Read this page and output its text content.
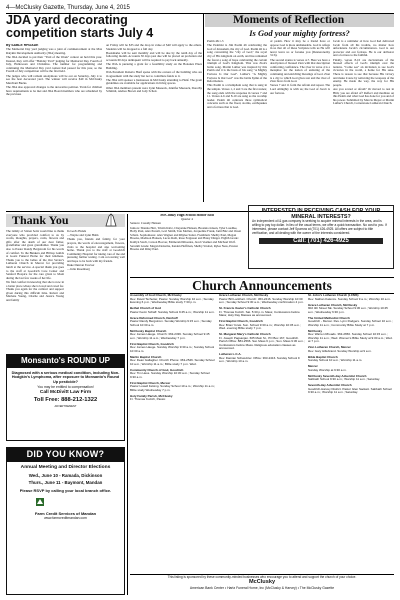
4—McClusky Gazette, Thursday, June 4, 2015
JDA yard decorating competition starts July 4

By SABLE RHOADE

The Memorial Day yard judging was a joint of commencement at the Max Ratykin Development Authority (JDA) meeting.

The JDA decided to put their "Yard of the Week" contest on hold this year. Instead, they will offer "Holiday Yard" judging for Memorial Day, Fourth of July, Halloween and Christmas. The number for programming and continuing the Memorial Day yard contest had passed for this year, so the Fourth of July competition will be the first held.

The judges who will remain anonymous will be out on Saturday, July 4 to see the best decorated yard. The winner will receive $40 in McClusky Merchant Bucks.

The JDA also approved changes to the decorative petition. Yards for children have requirements to be met and JDA Board members who are scheduled by the previous

on Friday will be $35 and the drop in value of $40 will apply to the others. Students will be dropped to a full day.

Bookmarks will be sent monthly and will be due by the tenth day of the following month. Accounts 30 days past due will be placed on probation and accounts 60 days delinquent will be required to pay back annually.

The JDA is pursuing a grant for a feasibility study on the Bonanza Plaza Building.

JDA President Roberta Hanf spoke with the owners of the building who are in agreement with the study but not to contribute funds to it.

The JDA will sponsor a businesses in McClusky attending to Hanf. The grant guidelines are available for applications in living spaces.

Other JDA members present were Lynn Meeseck, Jennifer Meeseck, Dorothy Schmidt, Andrea Brown and Jody Schott.

Moments of Reflection
Is God your mighty fortress?

Psalm 46:1-3

The Psalmist is Jim Psalm 46 celebrating the God of Jerusalem, the city of God. Psalm 46 is a song concerning the "city of God," the royal city of His kingdom on earth, and has remained the forest a song of hope celebrating the certain triumph of God's Kingdom. That was Zion's battle song. Martin Luther was inspired by this Psalm and it is the basis of his song "A Mighty Fortress Is Our God". Luther's "A Mighty Fortress Is Our God" was the battle hymn of the Reformation.

This Psalm is a triumphant song that is sung in the temple. Verses 1, 2 and 3 are the first stanza; the song ends with the response in verses 7 and 11. Verses 4-6 and 8-10 are sung as the worship leader. Psalm 46 contrasts three symbolical concerns such as the flood, storms, earthquakes and a fortress that is God.

of psalm. How it may be a friend have or oppose God is more unshakeable. God is refuge in us that all of these Scripture tells us He will never leave us or forsake you (Deuteronomy 31:6).

The second stanza is verses 4-7. Here we have a description of blessed Zion with that description comforting confidence. The river in verse 4 is a metaphor for the nation of enduring of the continuing and enriching blessings of God. Zion is a city to which God gives rest and the river of Zion flows from God.

Verses 7 and 11 form the refrain and repeat. The Lord Almighty is with us; the God of Jacob is our fortress.

Jacob is a reminder of how God had delivered Jacob from all his trouble, no matter how unfortunate Jacob's circumstances. God is our protector and our fortress. He is our deliverer and a fortress to the faithful.

Finally, verses 8-10 are declarations of the blessed effects of God's triumph over the nations. "Come see" an invitation to see God's victories in the world, a home for His sake. There is reason to see that because His victory and make it sure by removing the weapons of the enemy. He made the way, the way for His people.

Are you scared or afraid? Or moved to rest in Him; you are afraid of? Reflect and meditate on this Psalm and what God has done for you and of his power. Submitted by Marcia Meyer at Martin Luther's Church, Cornerstone Lutheran Church.

Thank You

The family of Sixten Seitz would like to thank everyone who provided comfort to us by words, thoughts, prayers, cards, flowers and gifts after the death of our dear father, grandfather and great grandfather. Thank you also to Pastor Randy Bergstrom for his words of comfort. To the Bunkers and Hilltop Guilds at Goetz Funeral Home for their kindness. Thank you to the ladies of the Our Savior's Lutheran Church in Mercer for providing lunch at the service. A special thank you goes to the staff at Goodrich Care Center and Sanford Hospice for the care given to Mom during the last few weeks of her life.

We find comfort in knowing that she is now in a better place where she is loved and cared for. Thank you again for the comfort and support given during this difficult time. Robert and Marlene Young, Charlie and Jessica Young and family

In God's Hands

—Wayne and Lynn Hahn

Thank you, friends and family, for your prayers, the words of encouragement, flowers, visits to the hospital and also welcoming home. Thank you to the staff at Goodrich Community Hospital for taking care of me and pursuing further testing. I am recovering well and hope to be back with my friends.

Duke Duncan Forever

—Julie Rosenberg

McClusky High School Honor Roll

Quarter 4

Seniors: Cassidy Hansen

Juniors: Shanna Hart, Tristin Kirtz, Cheyenne Hansen, Breanna Jensen, Tyler Luedtke, Holly Paul, Alex Preszli, Levi Smith, Tate Mollen, Jacqueline Frank, Jami Bitz and Owen Schatz. Sophomores: Alex Wagner and Rhylee Sutter. Freshmen: Shelby Paul, Megan Brooks, Madison Hansen, Lucas Roth, Rose Ferguson and Haley Dinger. Eighth Grade: Kaitlyn Stach, Carson Hoover, Emmerald Rhoades, Jacob Voelker and Michael Wolf. Seventh Grade: Megan Delorme, Kaiden Hoffman, Shelby Strobel, Rylee Ness, Paxton Brooks and Riley Paul.

INTERESTED IN RECEIVING CASH FOR YOUR MINERAL INTERESTS?
An independent oil & gas company is seeking to acquire mineral interests in the area, and is willing to pay top dollar. In lieu of the usual terms, we offer a quick transaction. No cost to you. If interested, please contact Jeff Sparrow at (701) 426-4925. All offers are subject to title verification, and all dealing with the owner of the interests considered.
Call: (701) 426-4925
Church Announcements
Assembly of God Church, McClusky
Rev. David Tschetter, Pastor. Sunday Worship 10 a.m.; Sunday Evening 6 p.m.; Wednesday Bible study 7:30 p.m.
Bethel Church of God
Pastor Kevin Schaff. Sunday School 9:45 a.m.; Worship 11 a.m.
Grace Reformed Church, Denhoff
Pastor Randy Bergstrom. Sunday Worship 9:15 a.m.; Sunday School 10:30 a.m.
McClusky Baptist Church
Rev. James Hauge. Church: 363-2336. Sunday School 9:45 a.m.; Worship 11 a.m.; Wednesday 7 p.m.
First Baptist Church, Goodrich
Rev. James Hauge. Sunday Worship 9:30 a.m.; Sunday School 10:30 a.m.
Martin Baptist Church
Rev. Dean Gallagher. Church Phone: 363-2546. Sunday School 10 a.m.; Worship 11 a.m.; Bible study 7 p.m. Wed.
Community Church of God, Goodrich
Rev. Tim Hess. Sunday Worship 10:30 a.m.; Sunday School 9:30 a.m.
First Baptist Church, Mercer
Pastor Lowell Felsing. Sunday School 10 a.m.; Worship 11 a.m.; Bible study Wednesday 7 p.m.
Holy Family Parish, McClusky
Fr. Thomas Kuzich, Pastor.
Grace Lutheran Church, McClusky
Pastor Bill Lockhart. Church: 363-2416. Sunday Worship 10:30 a.m.; Sunday School 9:30 a.m.; Wednesday confirmation 4 p.m.
St. Francis Xavier's Catholic Church
Fr. Thomas Kuzich. Sat. 5:30 p.m. Mass; Confessions before Mass; Holy Day Masses as announced.
First Baptist Church, Goodrich
Rev. Brian Yorek. Sun. School 9:30 a.m.; Worship 10:45 a.m.; Wed. evening Bible study 7 p.m.
St. Margaret Mary's Catholic Church
Fr. Joseph Pagsanjan. 605 Main St., PO Box 167, Goodrich. Parish Office: 884-2566. Sat. Mass 6 p.m.; Sun. Mass 9:30 a.m.; Confessions before Mass. Religious education classes as announced.
Lutheran L.C.A.
Rev. Damian Schweitzer. Office: 363-2416. Sunday School 9 a.m.; Worship 10 a.m.
St. John's Lutheran Church (LCMS)
Rev. Nathan Kalenze. Sunday School 9 a.m.; Worship 10 a.m.
Grace Lutheran Church, McClusky
902 4th Street SE. Sunday School 9:30 a.m.; Worship 10:45 a.m.; Wednesday 6:30 p.m.
The United Methodist Church
Goodrich - Mercer. Rev. Lynn Rodgers. Sunday School 10 a.m.; Worship 11 a.m.; Community Bible Study at 7 p.m.
McClusky
Rev. Warren Rhoads. 363-2650. Sunday School 10:15 a.m.; Worship 11 a.m.; Wed. Women's Bible Study at 9:30 a.m.; Wed. at 7 p.m.
Zion Lutheran Church, Mercer
Rev. Gary Hillebrand. Sunday Worship at 9 a.m.
Bible Baptist Church
Sunday School 10 a.m.; Worship 11 a.m.
Mercer
Sunday Worship at 9:30 a.m.
McClusky Seventh-day Adventist Church
Sabbath School 9:30 a.m.; Worship 11 a.m.; Saturday.
Seventh-day Adventist Church
Goodrich-Harvey District. Pastor Glen Sackett. Sabbath School 9:30 a.m.; Worship 11 a.m.; Saturday.
This listing is sponsored by these community-minded businesses who encourage you to attend and support the church of your choice.
McClusky
American Bank Center • Hartz Funeral Home, Inc (McClusky & Harvey) • The McClusky Gazette
Monsanto's ROUND UP
Diagnosed with a serious medical condition, including Non-Hodgkin's Lymphoma, after exposure to Monsanto's Round Up pesticide?
You may be entitled to compensation!
Call McDivitt Law Firm
Toll Free: 888-212-1322
ADVERTISEMENT
DID YOU KNOW?
Annual Meeting and Director Elections
Wed., June 10 - Ramada, Dickinson
Thurs., June 11 - Baymont, Mandan
Please RSVP by calling your local branch office.
Farm Credit Services of Mandan
www.farmcreditmandan.com
